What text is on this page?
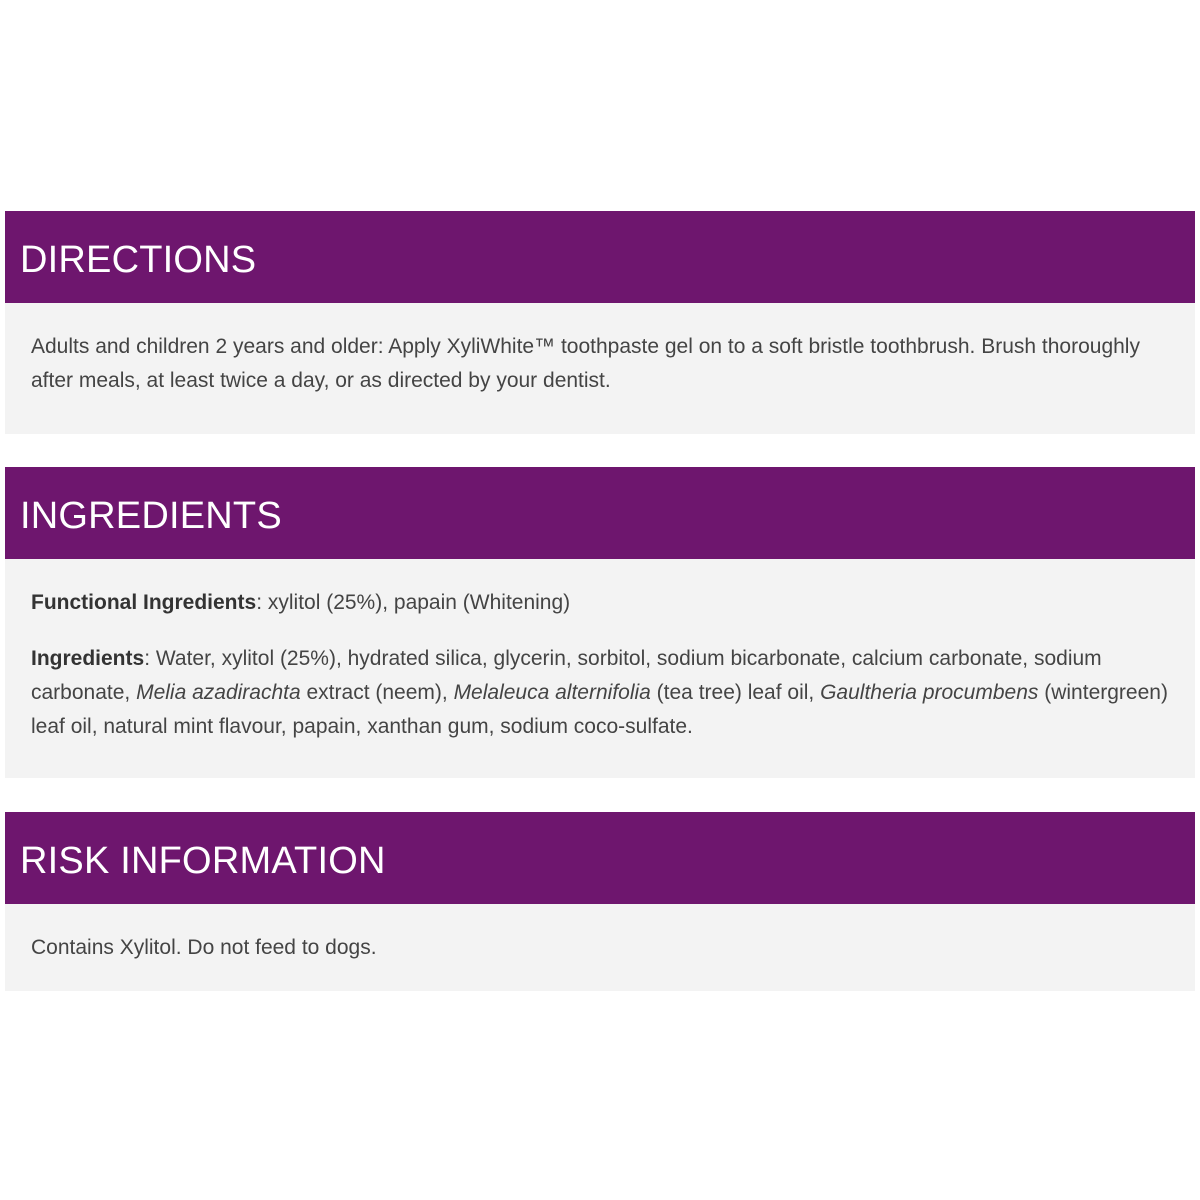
DIRECTIONS

Adults and children 2 years and older: Apply XyliWhite™ toothpaste gel on to a soft bristle toothbrush. Brush thoroughly after meals, at least twice a day, or as directed by your dentist.

INGREDIENTS

Functional Ingredients: xylitol (25%), papain (Whitening)

Ingredients: Water, xylitol (25%), hydrated silica, glycerin, sorbitol, sodium bicarbonate, calcium carbonate, sodium carbonate, Melia azadirachta extract (neem), Melaleuca alternifolia (tea tree) leaf oil, Gaultheria procumbens (wintergreen) leaf oil, natural mint flavour, papain, xanthan gum, sodium coco-sulfate.

RISK INFORMATION

Contains Xylitol. Do not feed to dogs.
